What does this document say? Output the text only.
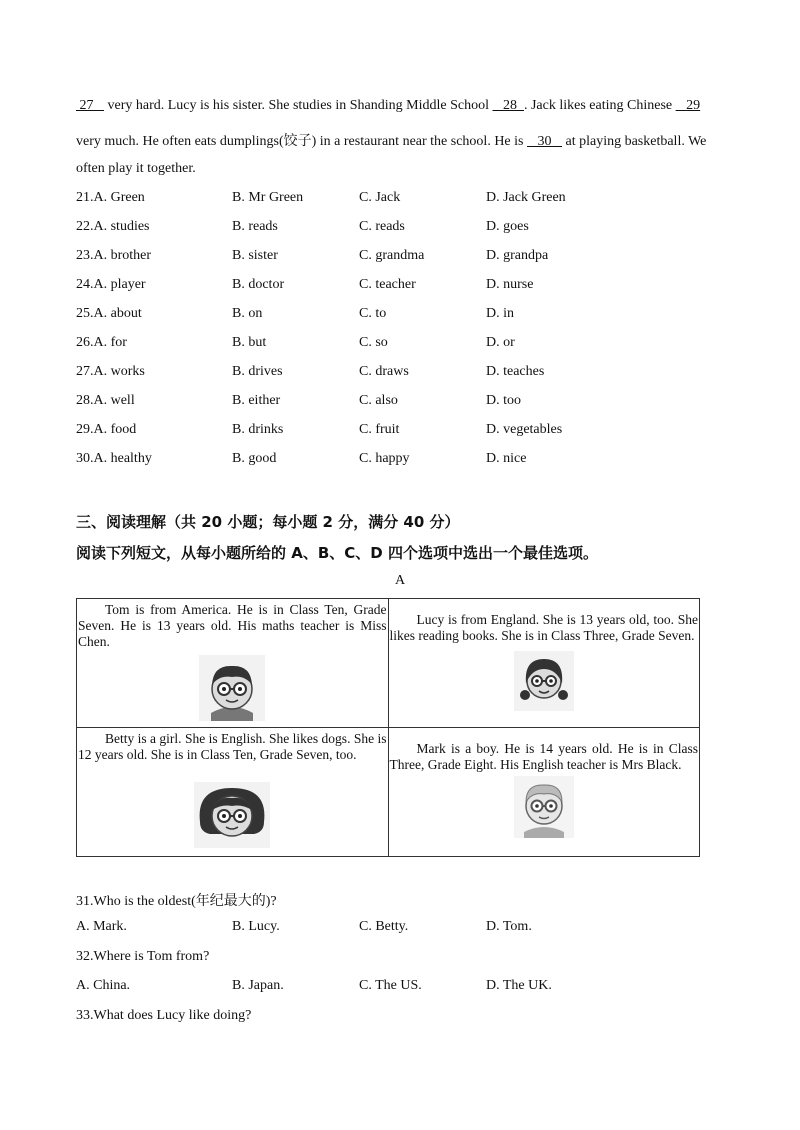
27    very hard. Lucy is his sister. She studies in Shanding Middle School    28 . Jack likes eating Chinese    29
very much. He often eats dumplings(饺子) in a restaurant near the school. He is    30    at playing basketball. We
often play it together.
21.A. Green	B. Mr Green	C. Jack	D. Jack Green
22.A. studies	B. reads	C. reads	D. goes
23.A. brother	B. sister	C. grandma	D. grandpa
24.A. player	B. doctor	C. teacher	D. nurse
25.A. about	B. on	C. to	D. in
26.A. for	B. but	C. so	D. or
27.A. works	B. drives	C. draws	D. teaches
28.A. well	B. either	C. also	D. too
29.A. food	B. drinks	C. fruit	D. vegetables
30.A. healthy	B. good	C. happy	D. nice
三、阅读理解（共 20 小题；每小题 2 分，满分 40 分）
阅读下列短文，从每小题所给的 A、B、C、D 四个选项中选出一个最佳选项。
A
Tom is from America. He is in Class Ten, Grade Seven. He is 13 years old. His maths teacher is Miss Chen.	Lucy is from England. She is 13 years old, too. She likes reading books. She is in Class Three, Grade Seven.

Betty is a girl. She is English. She likes dogs. She is 12 years old. She is in Class Ten, Grade Seven, too.	Mark is a boy. He is 14 years old. He is in Class Three, Grade Eight. His English teacher is Mrs Black.
31.Who is the oldest(年纪最大的)?
A. Mark.	B. Lucy.	C. Betty.	D. Tom.
32.Where is Tom from?
A. China.	B. Japan.	C. The US.	D. The UK.
33.What does Lucy like doing?
